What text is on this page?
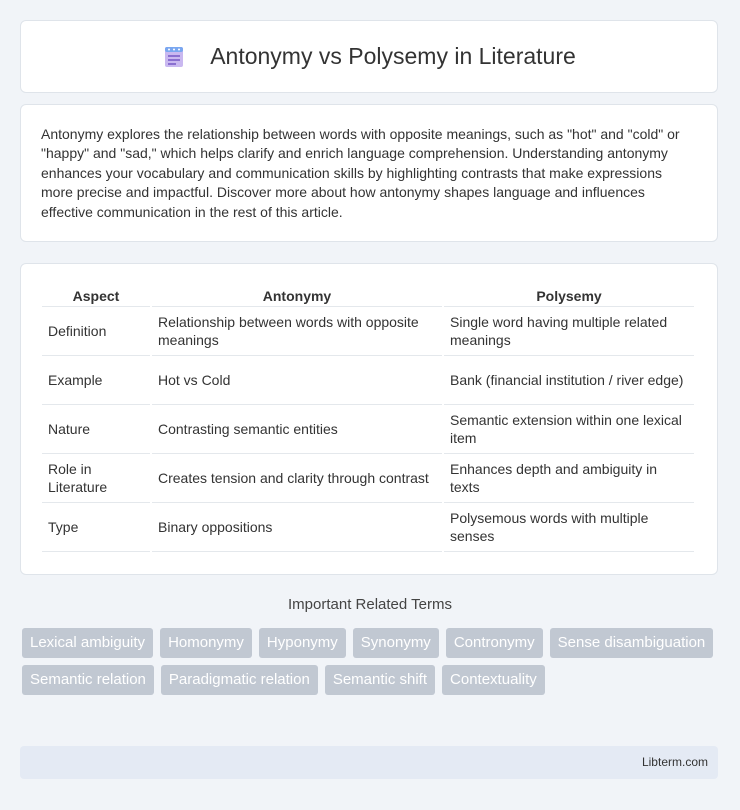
Antonymy vs Polysemy in Literature

Antonymy explores the relationship between words with opposite meanings, such as "hot" and "cold" or "happy" and "sad," which helps clarify and enrich language comprehension. Understanding antonymy enhances your vocabulary and communication skills by highlighting contrasts that make expressions more precise and impactful. Discover more about how antonymy shapes language and influences effective communication in the rest of this article.

Aspect	Antonymy	Polysemy
Definition	Relationship between words with opposite meanings	Single word having multiple related meanings
Example	Hot vs Cold	Bank (financial institution / river edge)
Nature	Contrasting semantic entities	Semantic extension within one lexical item
Role in Literature	Creates tension and clarity through contrast	Enhances depth and ambiguity in texts
Type	Binary oppositions	Polysemous words with multiple senses
Important Related Terms
Lexical ambiguity	Homonymy	Hyponymy	Synonymy	Contronymy	Sense disambiguation
Semantic relation	Paradigmatic relation	Semantic shift	Contextuality
Libterm.com
